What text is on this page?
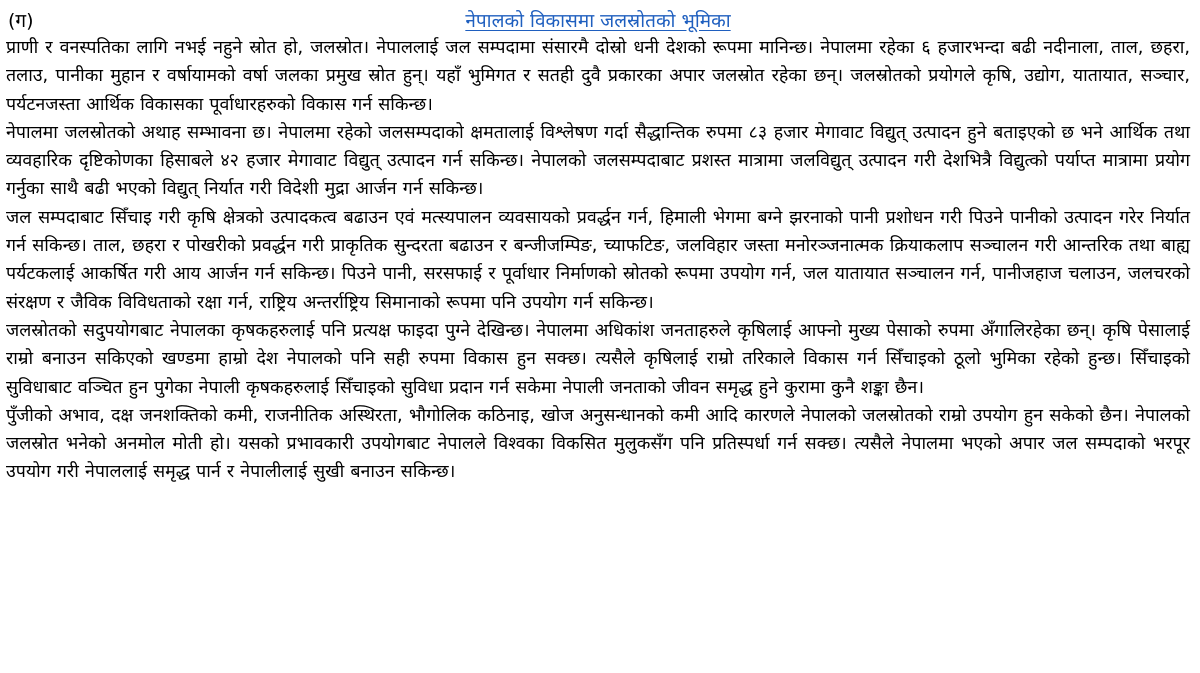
(ग)	नेपालको विकासमा जलस्रोतको भूमिका

प्राणी र वनस्पतिका लागि नभई नहुने स्रोत हो, जलस्रोत। नेपाललाई जल सम्पदामा संसारमै दोस्रो धनी देशको रूपमा मानिन्छ। नेपालमा रहेका ६ हजारभन्दा बढी नदीनाला, ताल, छहरा, तलाउ, पानीका मुहान र वर्षायामको वर्षा जलका प्रमुख स्रोत हुन्। यहाँ भुमिगत र सतही दुवै प्रकारका अपार जलस्रोत रहेका छन्। जलस्रोतको प्रयोगले कृषि, उद्योग, यातायात, सञ्चार, पर्यटनजस्ता आर्थिक विकासका पूर्वाधारहरुको विकास गर्न सकिन्छ।

नेपालमा जलस्रोतको अथाह सम्भावना छ। नेपालमा रहेको जलसम्पदाको क्षमतालाई विश्लेषण गर्दा सैद्धान्तिक रुपमा ८३ हजार मेगावाट विद्युत् उत्पादन हुने बताइएको छ भने आर्थिक तथा व्यवहारिक दृष्टिकोणका हिसाबले ४२ हजार मेगावाट विद्युत् उत्पादन गर्न सकिन्छ। नेपालको जलसम्पदाबाट प्रशस्त मात्रामा जलविद्युत् उत्पादन गरी देशभित्रै विद्युत्को पर्याप्त मात्रामा प्रयोग गर्नुका साथै बढी भएको विद्युत् निर्यात गरी विदेशी मुद्रा आर्जन गर्न सकिन्छ।

जल सम्पदाबाट सिँचाइ गरी कृषि क्षेत्रको उत्पादकत्व बढाउन एवं मत्स्यपालन व्यवसायको प्रवर्द्धन गर्न, हिमाली भेगमा बग्ने झरनाको पानी प्रशोधन गरी पिउने पानीको उत्पादन गरेर निर्यात गर्न सकिन्छ। ताल, छहरा र पोखरीको प्रवर्द्धन गरी प्राकृतिक सुन्दरता बढाउन र बन्जीजम्पिङ, च्याफटिङ, जलविहार जस्ता मनोरञ्जनात्मक क्रियाकलाप सञ्चालन गरी आन्तरिक तथा बाह्य पर्यटकलाई आकर्षित गरी आय आर्जन गर्न सकिन्छ। पिउने पानी, सरसफाई र पूर्वाधार निर्माणको स्रोतको रूपमा उपयोग गर्न, जल यातायात सञ्चालन गर्न, पानीजहाज चलाउन, जलचरको संरक्षण र जैविक विविधताको रक्षा गर्न, राष्ट्रिय अन्तर्राष्ट्रिय सिमानाको रूपमा पनि उपयोग गर्न सकिन्छ।

जलस्रोतको सदुपयोगबाट नेपालका कृषकहरुलाई पनि प्रत्यक्ष फाइदा पुग्ने देखिन्छ। नेपालमा अधिकांश जनताहरुले कृषिलाई आफ्नो मुख्य पेसाको रुपमा अँगालिरहेका छन्। कृषि पेसालाई राम्रो बनाउन सकिएको खण्डमा हाम्रो देश नेपालको पनि सही रुपमा विकास हुन सक्छ। त्यसैले कृषिलाई राम्रो तरिकाले विकास गर्न सिँचाइको ठूलो भुमिका रहेको हुन्छ। सिँचाइको सुविधाबाट वञ्चित हुन पुगेका नेपाली कृषकहरुलाई सिँचाइको सुविधा प्रदान गर्न सकेमा नेपाली जनताको जीवन समृद्ध हुने कुरामा कुनै शङ्का छैन।

पुँजीको अभाव, दक्ष जनशक्तिको कमी, राजनीतिक अस्थिरता, भौगोलिक कठिनाइ, खोज अनुसन्धानको कमी आदि कारणले नेपालको जलस्रोतको राम्रो उपयोग हुन सकेको छैन। नेपालको जलस्रोत भनेको अनमोल मोती हो। यसको प्रभावकारी उपयोगबाट नेपालले विश्वका विकसित मुलुकसँग पनि प्रतिस्पर्धा गर्न सक्छ। त्यसैले नेपालमा भएको अपार जल सम्पदाको भरपूर उपयोग गरी नेपाललाई समृद्ध पार्न र नेपालीलाई सुखी बनाउन सकिन्छ।
